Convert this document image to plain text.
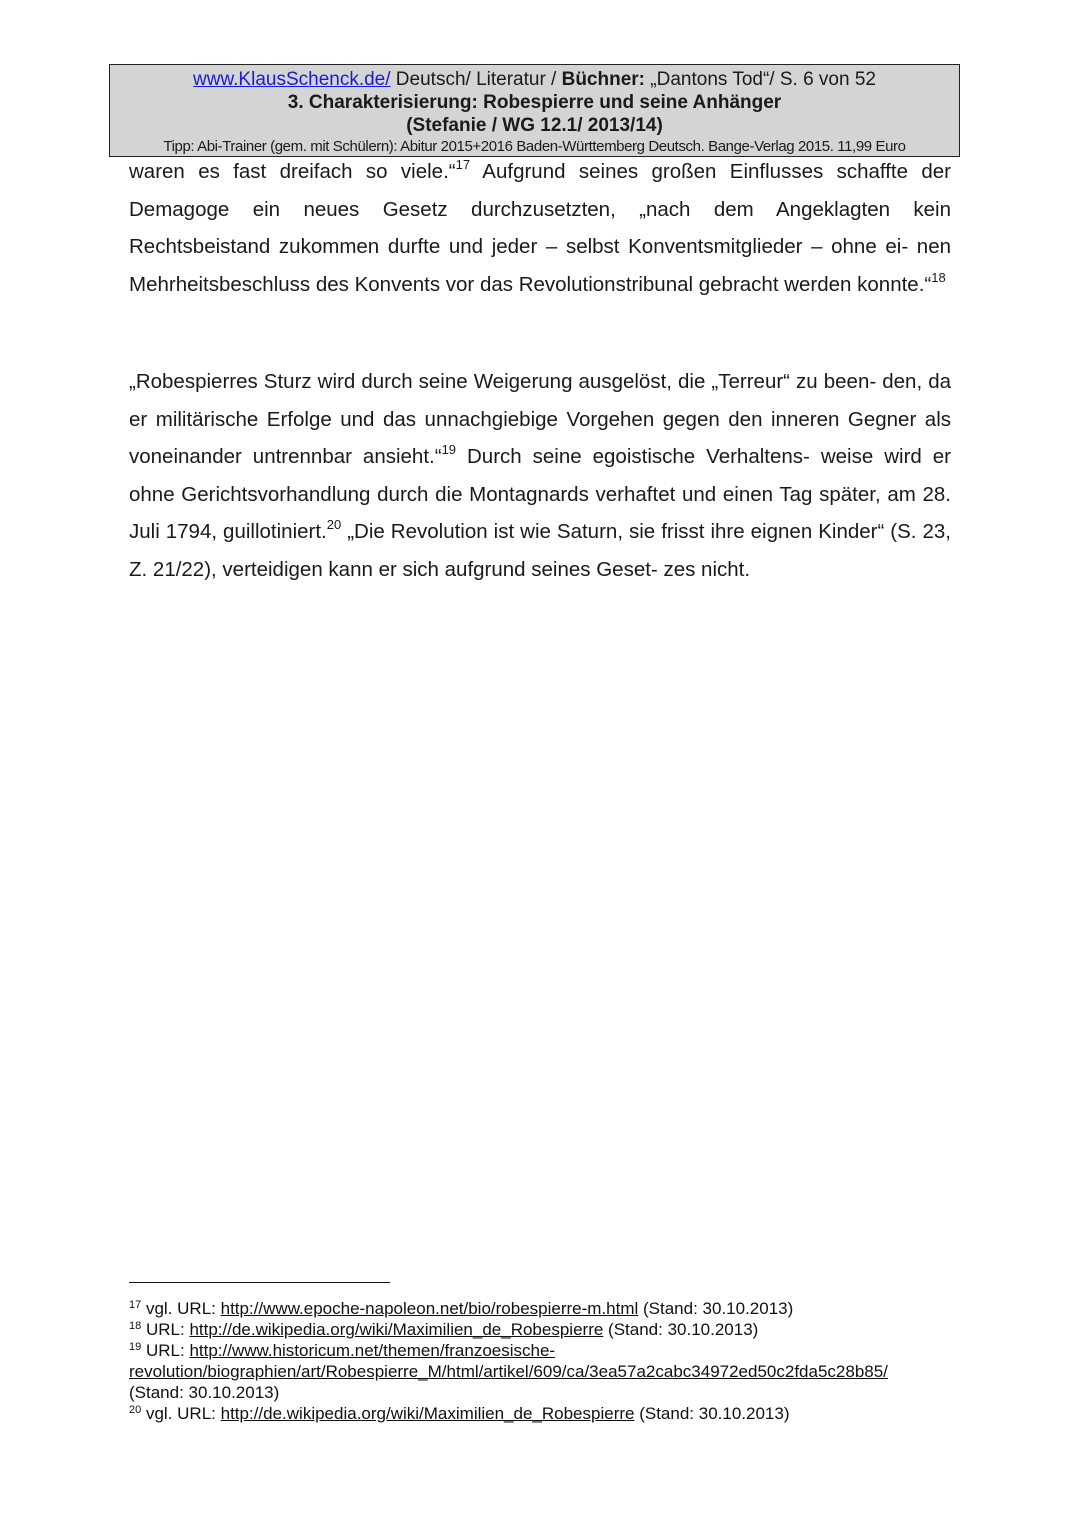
www.KlausSchenck.de/ Deutsch/ Literatur / Büchner: „Dantons Tod“/ S. 6 von 52
3. Charakterisierung: Robespierre und seine Anhänger
(Stefanie / WG 12.1/ 2013/14)
Tipp: Abi-Trainer (gem. mit Schülern): Abitur 2015+2016 Baden-Württemberg Deutsch. Bange-Verlag 2015. 11,99 Euro

waren es fast dreifach so viele.“$^{17}$ Aufgrund seines großen Einflusses schaffte der Demagoge ein neues Gesetz durchzusetzten, „nach dem Angeklagten kein Rechtsbeistand zukommen durfte und jeder – selbst Konventsmitglieder – ohne ei- nen Mehrheitsbeschluss des Konvents vor das Revolutionstribunal gebracht werden konnte.“$^{18}$

„Robespierres Sturz wird durch seine Weigerung ausgelöst, die „Terreur“ zu been- den, da er militärische Erfolge und das unnachgiebige Vorgehen gegen den inneren Gegner als voneinander untrennbar ansieht.“$^{19}$ Durch seine egoistische Verhaltens- weise wird er ohne Gerichtsvorhandlung durch die Montagnards verhaftet und einen Tag später, am 28. Juli 1794, guillotiniert.$^{20}$ „Die Revolution ist wie Saturn, sie frisst ihre eignen Kinder“ (S. 23, Z. 21/22), verteidigen kann er sich aufgrund seines Geset- zes nicht.

$^{17}$ vgl. URL: http://www.epoche-napoleon.net/bio/robespierre-m.html (Stand: 30.10.2013)

$^{18}$ URL: http://de.wikipedia.org/wiki/Maximilien_de_Robespierre (Stand: 30.10.2013)

$^{19}$ URL: http://www.historicum.net/themen/franzoesische-
revolution/biographien/art/Robespierre_M/html/artikel/609/ca/3ea57a2cabc34972ed50c2fda5c28b85/
(Stand: 30.10.2013)

$^{20}$ vgl. URL: http://de.wikipedia.org/wiki/Maximilien_de_Robespierre (Stand: 30.10.2013)
